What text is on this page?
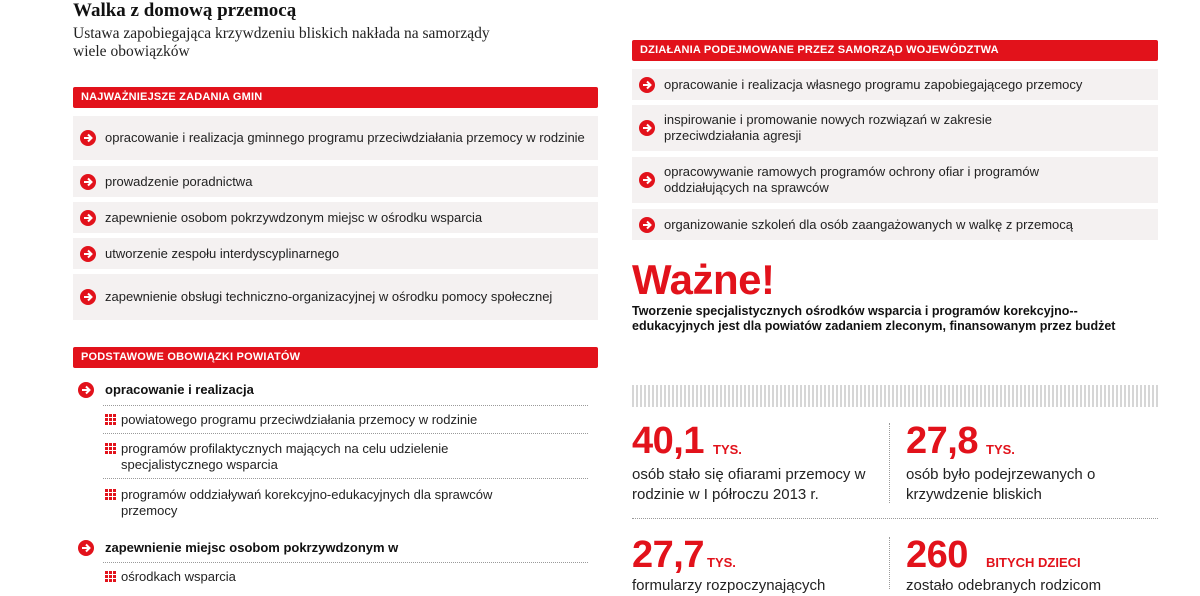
Walka z domową przemocą
Ustawa zapobiegająca krzywdzeniu bliskich nakłada na samorządy wiele obowiązków
NAJWAŻNIEJSZE ZADANIA GMIN
opracowanie i realizacja gminnego programu przeciwdziałania przemocy w rodzinie
prowadzenie poradnictwa
zapewnienie osobom pokrzywdzonym miejsc w ośrodku wsparcia
utworzenie zespołu interdyscyplinarnego
zapewnienie obsługi techniczno-organizacyjnej w ośrodku pomocy społecznej
PODSTAWOWE OBOWIĄZKI POWIATÓW
opracowanie i realizacja
powiatowego programu przeciwdziałania przemocy w rodzinie
programów profilaktycznych mających na celu udzielenie specjalistycznego wsparcia
programów oddziaływań korekcyjno-edukacyjnych dla sprawców przemocy
zapewnienie miejsc osobom pokrzywdzonym w
ośrodkach wsparcia
DZIAŁANIA PODEJMOWANE PRZEZ SAMORZĄD WOJEWÓDZTWA
opracowanie i realizacja własnego programu zapobiegającego przemocy
inspirowanie i promowanie nowych rozwiązań w zakresie przeciwdziałania agresji
opracowywanie ramowych programów ochrony ofiar i programów oddziałujących na sprawców
organizowanie szkoleń dla osób zaangażowanych w walkę z przemocą
Ważne!
Tworzenie specjalistycznych ośrodków wsparcia i programów korekcyjno--edukacyjnych jest dla powiatów zadaniem zleconym, finansowanym przez budżet
40,1 TYS.
osób stało się ofiarami przemocy w rodzinie w I półroczu 2013 r.
27,8 TYS.
osób było podejrzewanych o krzywdzenie bliskich
27,7 TYS.
formularzy rozpoczynających
260 BITYCH DZIECI
zostało odebranych rodzicom
